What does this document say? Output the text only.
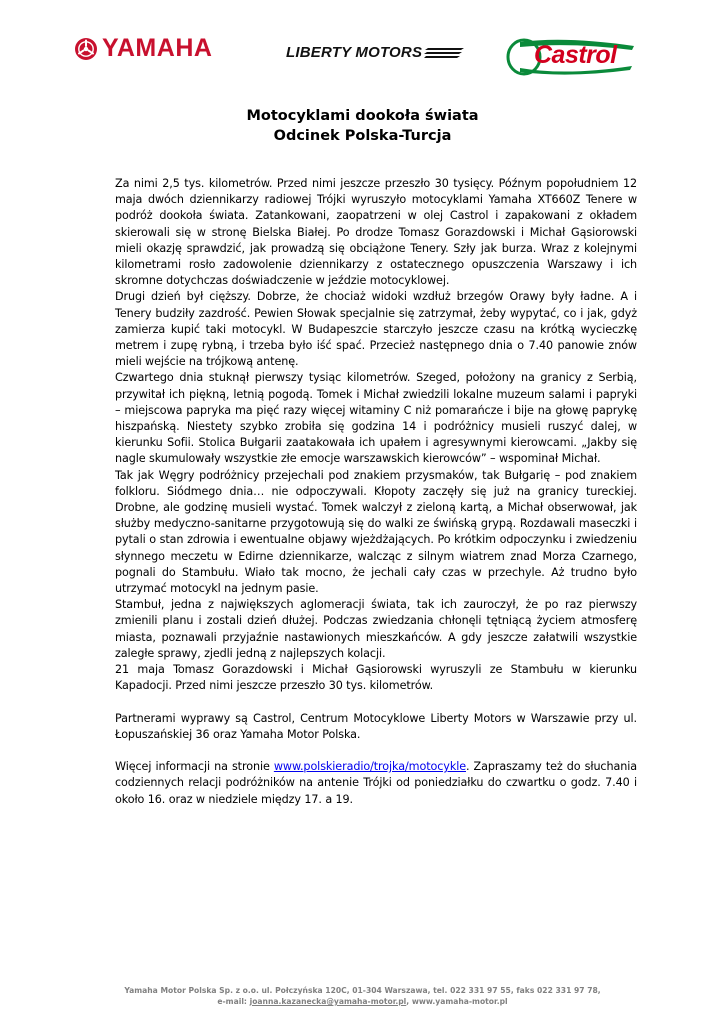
YAMAHA	LIBERTY MOTORS	Castrol
Motocyklami dookoła świata
Odcinek Polska-Turcja

Za nimi 2,5 tys. kilometrów. Przed nimi jeszcze przeszło 30 tysięcy. Późnym popołudniem 12 maja dwóch dziennikarzy radiowej Trójki wyruszyło motocyklami Yamaha XT660Z Tenere w podróż dookoła świata. Zatankowani, zaopatrzeni w olej Castrol i zapakowani z okładem skierowali się w stronę Bielska Białej. Po drodze Tomasz Gorazdowski i Michał Gąsiorowski mieli okazję sprawdzić, jak prowadzą się obciążone Tenery. Szły jak burza. Wraz z kolejnymi kilometrami rosło zadowolenie dziennikarzy z ostatecznego opuszczenia Warszawy i ich skromne dotychczas doświadczenie w jeździe motocyklowej.

Drugi dzień był cięższy. Dobrze, że chociaż widoki wzdłuż brzegów Orawy były ładne. A i Tenery budziły zazdrość. Pewien Słowak specjalnie się zatrzymał, żeby wypytać, co i jak, gdyż zamierza kupić taki motocykl. W Budapeszcie starczyło jeszcze czasu na krótką wycieczkę metrem i zupę rybną, i trzeba było iść spać. Przecież następnego dnia o 7.40 panowie znów mieli wejście na trójkową antenę.

Czwartego dnia stuknął pierwszy tysiąc kilometrów. Szeged, położony na granicy z Serbią, przywitał ich piękną, letnią pogodą. Tomek i Michał zwiedzili lokalne muzeum salami i papryki – miejscowa papryka ma pięć razy więcej witaminy C niż pomarańcze i bije na głowę paprykę hiszpańską. Niestety szybko zrobiła się godzina 14 i podróżnicy musieli ruszyć dalej, w kierunku Sofii. Stolica Bułgarii zaatakowała ich upałem i agresywnymi kierowcami. „Jakby się nagle skumulowały wszystkie złe emocje warszawskich kierowców” – wspominał Michał.

Tak jak Węgry podróżnicy przejechali pod znakiem przysmaków, tak Bułgarię – pod znakiem folkloru. Siódmego dnia… nie odpoczywali. Kłopoty zaczęły się już na granicy tureckiej. Drobne, ale godzinę musieli wystać. Tomek walczył z zieloną kartą, a Michał obserwował, jak służby medyczno-sanitarne przygotowują się do walki ze świńską grypą. Rozdawali maseczki i pytali o stan zdrowia i ewentualne objawy wjeżdżających. Po krótkim odpoczynku i zwiedzeniu słynnego meczetu w Edirne dziennikarze, walcząc z silnym wiatrem znad Morza Czarnego, pognali do Stambułu. Wiało tak mocno, że jechali cały czas w przechyle. Aż trudno było utrzymać motocykl na jednym pasie.

Stambuł, jedna z największych aglomeracji świata, tak ich zauroczył, że po raz pierwszy zmienili planu i zostali dzień dłużej. Podczas zwiedzania chłonęli tętniącą życiem atmosferę miasta, poznawali przyjaźnie nastawionych mieszkańców. A gdy jeszcze załatwili wszystkie zaległe sprawy, zjedli jedną z najlepszych kolacji.

21 maja Tomasz Gorazdowski i Michał Gąsiorowski wyruszyli ze Stambułu w kierunku Kapadocji. Przed nimi jeszcze przeszło 30 tys. kilometrów.

Partnerami wyprawy są Castrol, Centrum Motocyklowe Liberty Motors w Warszawie przy ul. Łopuszańskiej 36 oraz Yamaha Motor Polska.

Więcej informacji na stronie www.polskieradio/trojka/motocykle. Zapraszamy też do słuchania codziennych relacji podróżników na antenie Trójki od poniedziałku do czwartku o godz. 7.40 i około 16. oraz w niedziele między 17. a 19.

Yamaha Motor Polska Sp. z o.o. ul. Połczyńska 120C, 01-304 Warszawa, tel. 022 331 97 55, faks 022 331 97 78,
e-mail: joanna.kazanecka@yamaha-motor.pl, www.yamaha-motor.pl
